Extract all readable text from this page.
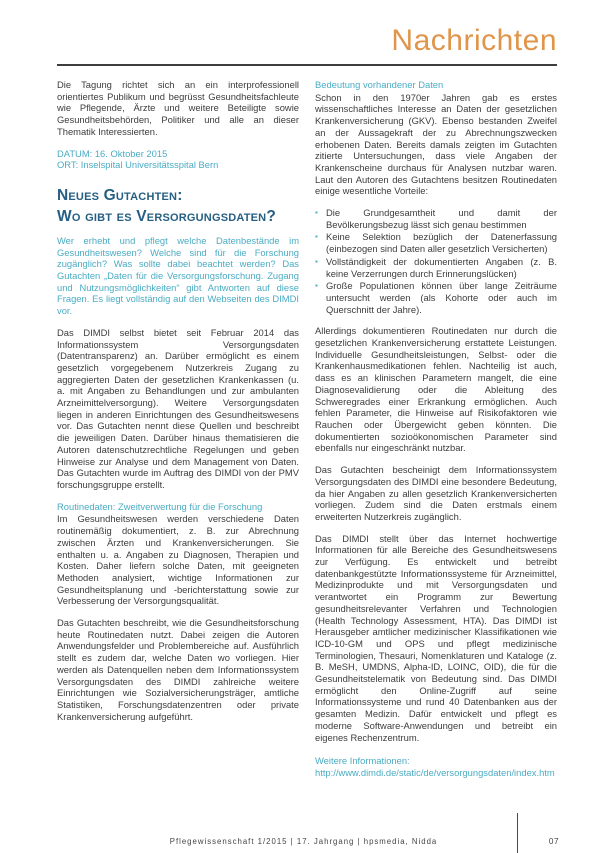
Nachrichten

Die Tagung richtet sich an ein interprofessionell orientiertes Publikum und begrüsst Gesundheitsfachleute wie Pflegende, Ärzte und weitere Beteiligte sowie Gesundheitsbehörden, Politiker und alle an dieser Thematik Interessierten.

DATUM: 16. Oktober 2015
ORT: Inselspital Universitätsspital Bern
Neues Gutachten:
Wo gibt es Versorgungsdaten?

Wer erhebt und pflegt welche Datenbestände im Gesundheitswesen? Welche sind für die Forschung zugänglich? Was sollte dabei beachtet werden? Das Gutachten „Daten für die Versorgungsforschung. Zugang und Nutzungsmöglichkeiten“ gibt Antworten auf diese Fragen. Es liegt vollständig auf den Webseiten des DIMDI vor.

Das DIMDI selbst bietet seit Februar 2014 das Informationssystem Versorgungsdaten (Datentransparenz) an. Darüber ermöglicht es einem gesetzlich vorgegebenem Nutzerkreis Zugang zu aggregierten Daten der gesetzlichen Krankenkassen (u. a. mit Angaben zu Behandlungen und zur ambulanten Arzneimittelversorgung). Weitere Versorgungsdaten liegen in anderen Einrichtungen des Gesundheitswesens vor. Das Gutachten nennt diese Quellen und beschreibt die jeweiligen Daten. Darüber hinaus thematisieren die Autoren datenschutzrechtliche Regelungen und geben Hinweise zur Analyse und dem Management von Daten. Das Gutachten wurde im Auftrag des DIMDI von der PMV forschungsgruppe erstellt.

Routinedaten: Zweitverwertung für die Forschung

Im Gesundheitswesen werden verschiedene Daten routinemäßig dokumentiert, z. B. zur Abrechnung zwischen Ärzten und Krankenversicherungen. Sie enthalten u. a. Angaben zu Diagnosen, Therapien und Kosten. Daher liefern solche Daten, mit geeigneten Methoden analysiert, wichtige Informationen zur Gesundheitsplanung und -berichterstattung sowie zur Verbesserung der Versorgungsqualität.

Das Gutachten beschreibt, wie die Gesundheitsforschung heute Routinedaten nutzt. Dabei zeigen die Autoren Anwendungsfelder und Problembereiche auf. Ausführlich stellt es zudem dar, welche Daten wo vorliegen. Hier werden als Datenquellen neben dem Informationssystem Versorgungsdaten des DIMDI zahlreiche weitere Einrichtungen wie Sozialversicherungsträger, amtliche Statistiken, Forschungsdatenzentren oder private Krankenversicherung aufgeführt.

Bedeutung vorhandener Daten

Schon in den 1970er Jahren gab es erstes wissenschaftliches Interesse an Daten der gesetzlichen Krankenversicherung (GKV). Ebenso bestanden Zweifel an der Aussagekraft der zu Abrechnungszwecken erhobenen Daten. Bereits damals zeigten im Gutachten zitierte Untersuchungen, dass viele Angaben der Krankenscheine durchaus für Analysen nutzbar waren. Laut den Autoren des Gutachtens besitzen Routinedaten einige wesentliche Vorteile:

▪ Die Grundgesamtheit und damit der Bevölkerungsbezug lässt sich genau bestimmen
▪ Keine Selektion bezüglich der Datenerfassung (einbezogen sind Daten aller gesetzlich Versicherten)
▪ Vollständigkeit der dokumentierten Angaben (z. B. keine Verzerrungen durch Erinnerungslücken)
▪ Große Populationen können über lange Zeiträume untersucht werden (als Kohorte oder auch im Querschnitt der Jahre).

Allerdings dokumentieren Routinedaten nur durch die gesetzlichen Krankenversicherung erstattete Leistungen. Individuelle Gesundheitsleistungen, Selbst- oder die Krankenhausmedikationen fehlen. Nachteilig ist auch, dass es an klinischen Parametern mangelt, die eine Diagnosevalidierung oder die Ableitung des Schweregrades einer Erkrankung ermöglichen. Auch fehlen Parameter, die Hinweise auf Risikofaktoren wie Rauchen oder Übergewicht geben könnten. Die dokumentierten sozioökonomischen Parameter sind ebenfalls nur eingeschränkt nutzbar.

Das Gutachten bescheinigt dem Informationssystem Versorgungsdaten des DIMDI eine besondere Bedeutung, da hier Angaben zu allen gesetzlich Krankenversicherten vorliegen. Zudem sind die Daten erstmals einem erweiterten Nutzerkreis zugänglich.

Das DIMDI stellt über das Internet hochwertige Informationen für alle Bereiche des Gesundheitswesens zur Verfügung. Es entwickelt und betreibt datenbankgestützte Informationssysteme für Arzneimittel, Medizinprodukte und mit Versorgungsdaten und verantwortet ein Programm zur Bewertung gesundheitsrelevanter Verfahren und Technologien (Health Technology Assessment, HTA). Das DIMDI ist Herausgeber amtlicher medizinischer Klassifikationen wie ICD-10-GM und OPS und pflegt medizinische Terminologien, Thesauri, Nomenklaturen und Kataloge (z. B. MeSH, UMDNS, Alpha-ID, LOINC, OID), die für die Gesundheitstelematik von Bedeutung sind. Das DIMDI ermöglicht den Online-Zugriff auf seine Informationssysteme und rund 40 Datenbanken aus der gesamten Medizin. Dafür entwickelt und pflegt es moderne Software-Anwendungen und betreibt ein eigenes Rechenzentrum.

Weitere Informationen:
http://www.dimdi.de/static/de/versorgungsdaten/index.htm
Pflegewissenschaft 1/2015 | 17. Jahrgang | hpsmedia, Nidda	07
